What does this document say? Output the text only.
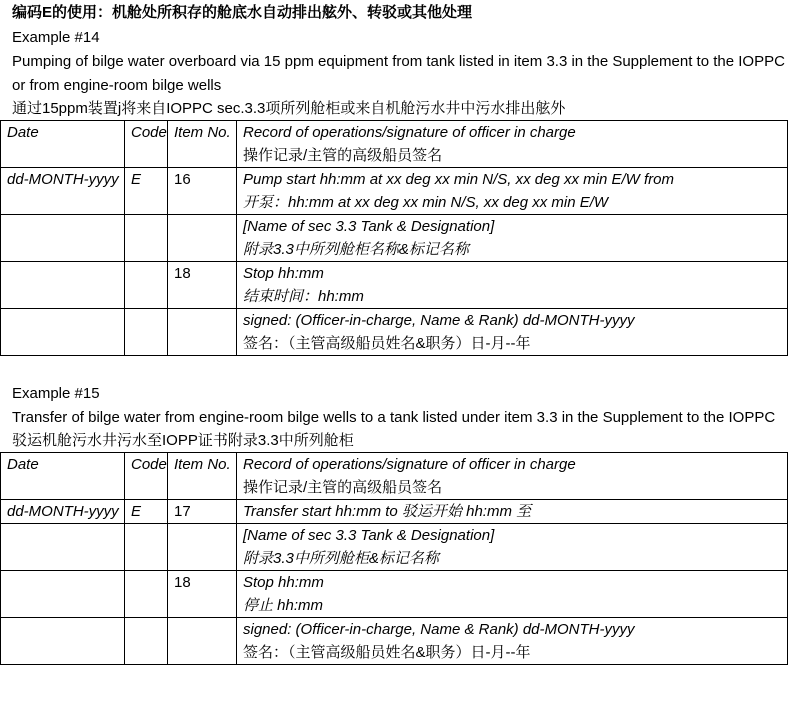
编码E的使用：机舱处所积存的舱底水自动排出舷外、转驳或其他处理
Example #14
Pumping of bilge water overboard via 15 ppm equipment from tank listed in item 3.3 in the Supplement to the IOPPC or from engine-room bilge wells
通过15ppm装置j将来自IOPPC sec.3.3项所列舱柜或来自机舱污水井中污水排出舷外
Date	Code	Item No.	Record of operations/signature of officer in charge
操作记录/主管的高级船员签名

dd-MONTH-yyyy	E	16	Pump start hh:mm at xx deg xx min N/S, xx deg xx min E/W from
开泵：hh:mm at xx deg xx min N/S, xx deg xx min E/W

			[Name of sec 3.3 Tank & Designation]
附录3.3中所列舱柜名称&标记名称

		18	Stop hh:mm
结束时间：hh:mm

			signed: (Officer-in-charge, Name & Rank) dd-MONTH-yyyy
签名：（主管高级船员姓名&职务）日-月--年
Example #15
Transfer of bilge water from engine-room bilge wells to a tank listed under item 3.3 in the Supplement to the IOPPC
驳运机舱污水井污水至IOPP证书附录3.3中所列舱柜
Date	Code	Item No.	Record of operations/signature of officer in charge
操作记录/主管的高级船员签名

dd-MONTH-yyyy	E	17	Transfer start hh:mm to 驳运开始 hh:mm 至

			[Name of sec 3.3 Tank & Designation]
附录3.3中所列舱柜&标记名称

		18	Stop hh:mm
停止 hh:mm

			signed: (Officer-in-charge, Name & Rank) dd-MONTH-yyyy
签名：（主管高级船员姓名&职务）日-月--年
